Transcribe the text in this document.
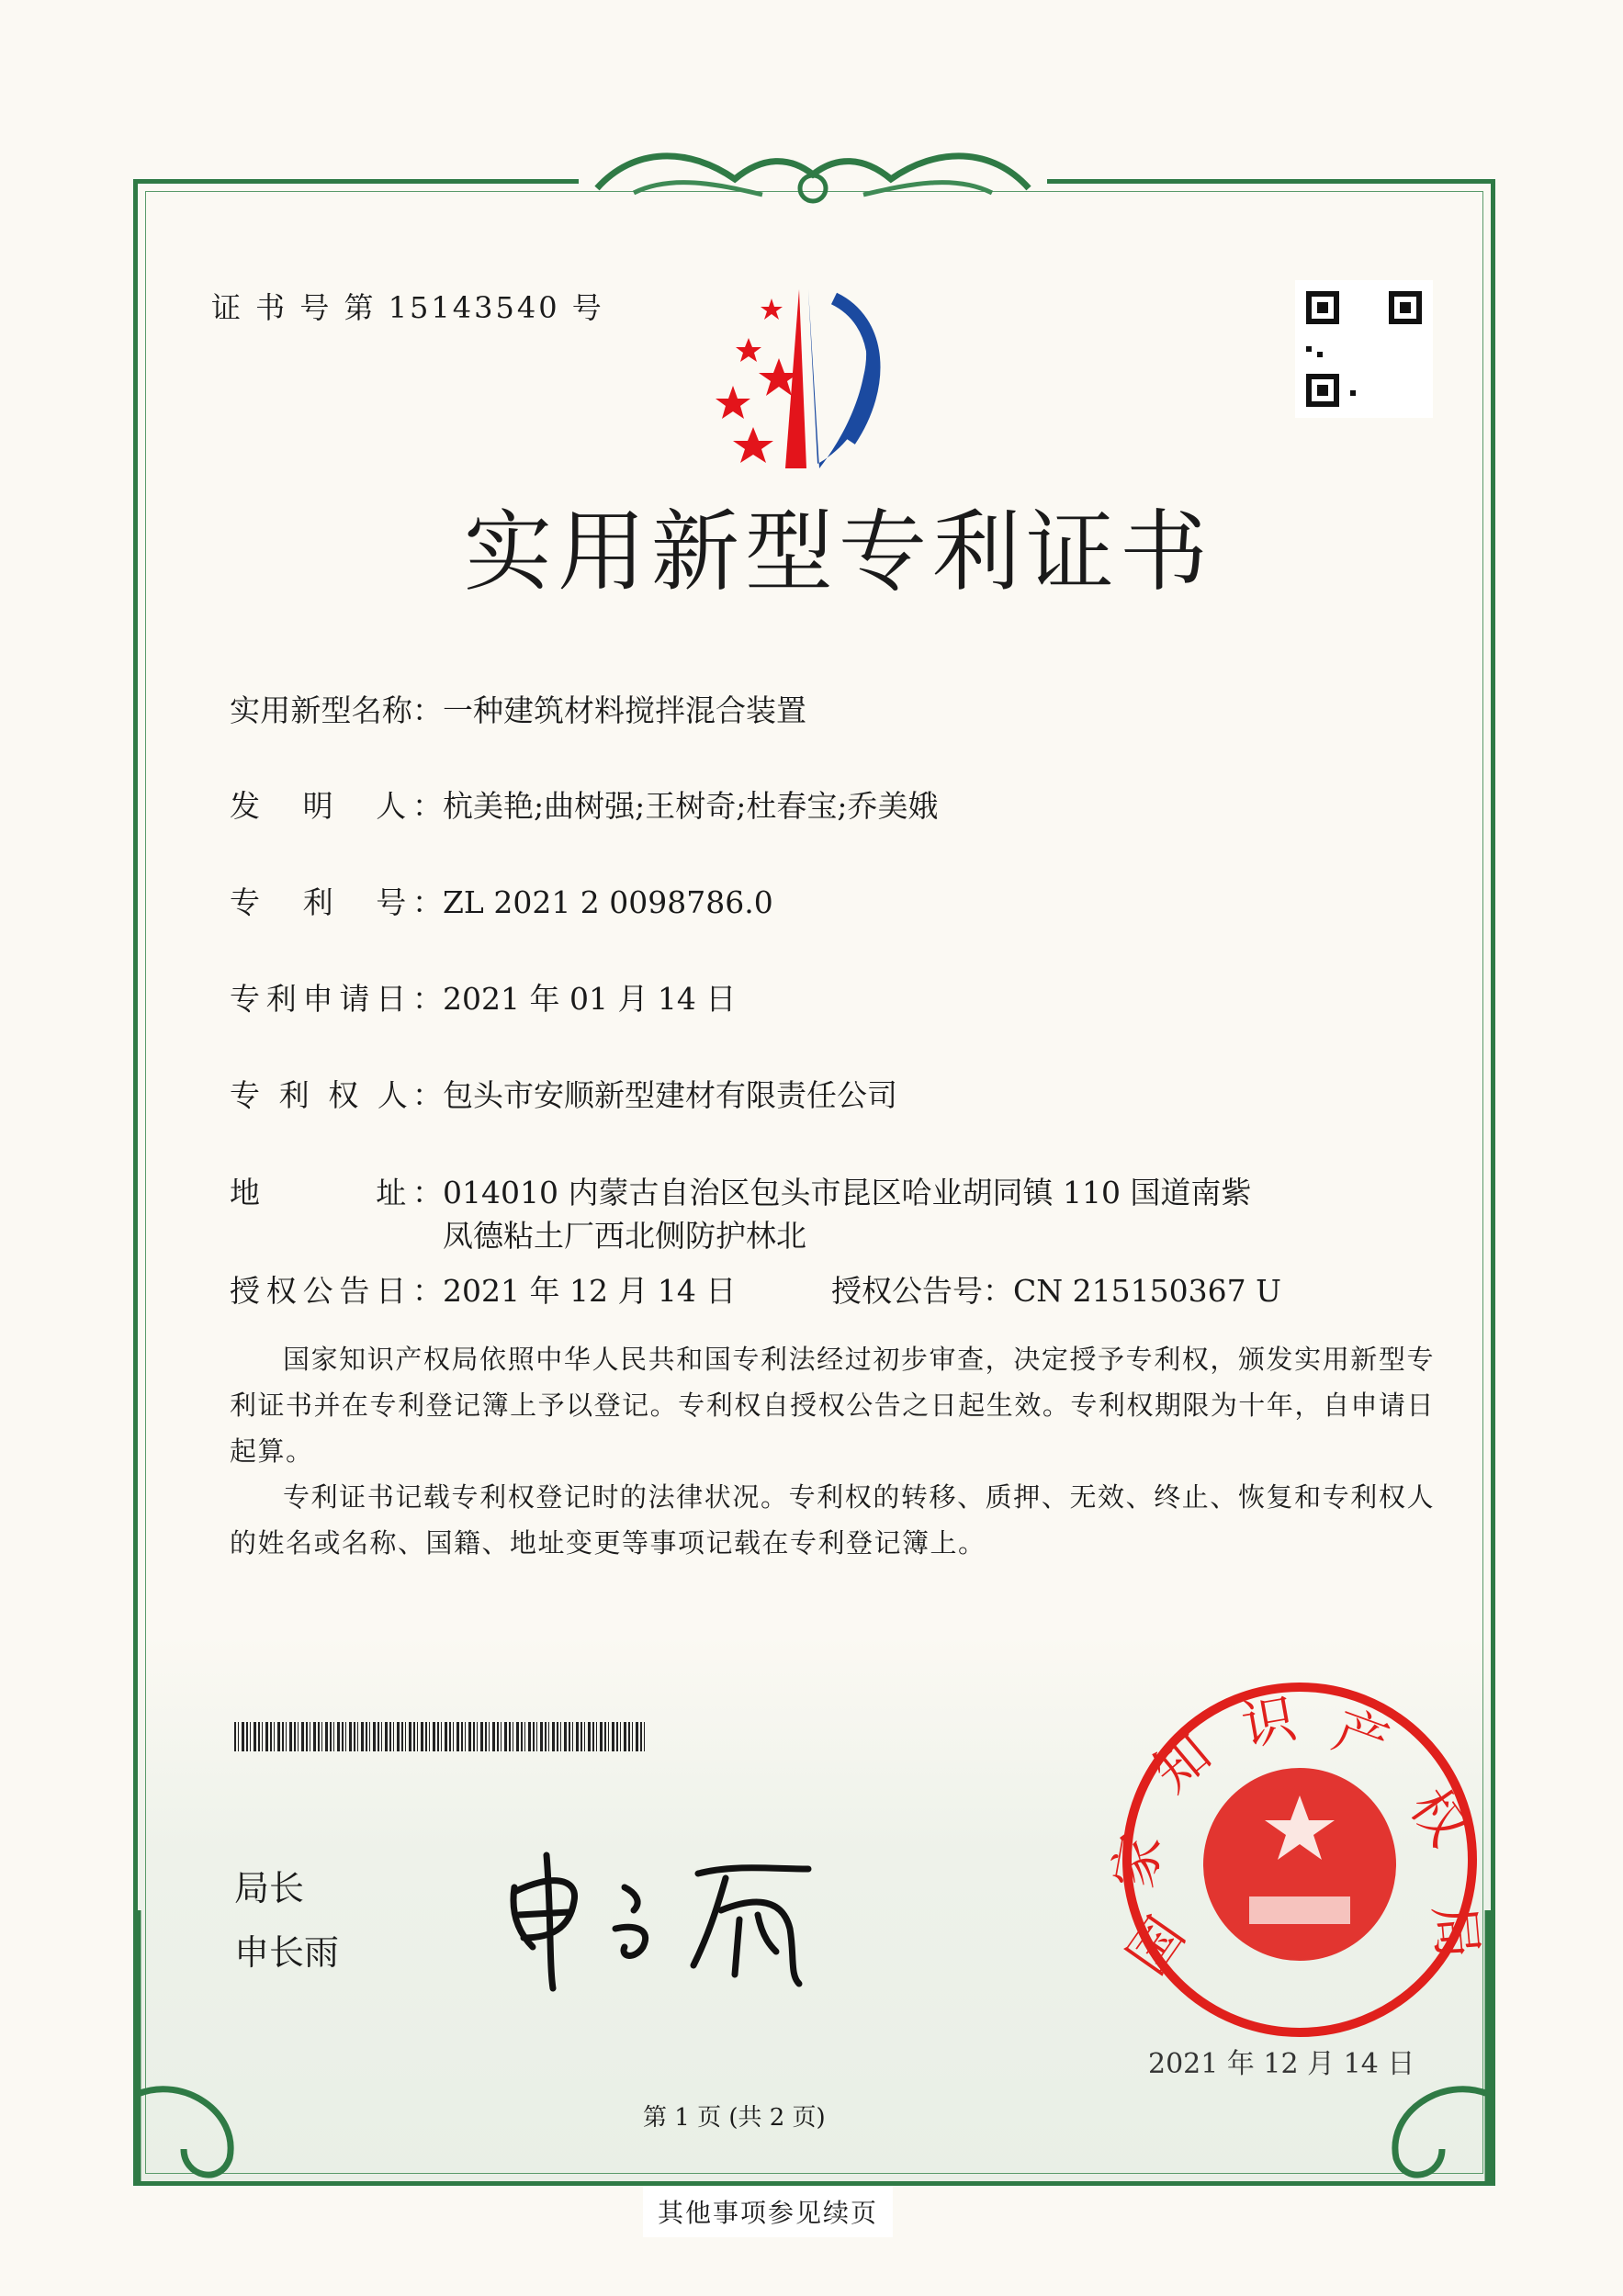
证 书 号 第 15143540 号
实用新型专利证书
实用新型名称：一种建筑材料搅拌混合装置
发　明　人：杭美艳;曲树强;王树奇;杜春宝;乔美娥
专　利　号：ZL 2021 2 0098786.0
专利申请日：2021 年 01 月 14 日
专 利 权 人：包头市安顺新型建材有限责任公司
地　　　址：014010 内蒙古自治区包头市昆区哈业胡同镇 110 国道南紫
凤德粘土厂西北侧防护林北
授权公告日：2021 年 12 月 14 日	授权公告号：CN 215150367 U

国家知识产权局依照中华人民共和国专利法经过初步审查，决定授予专利权，颁发实用新型专利证书并在专利登记簿上予以登记。专利权自授权公告之日起生效。专利权期限为十年，自申请日起算。

专利证书记载专利权登记时的法律状况。专利权的转移、质押、无效、终止、恢复和专利权人的姓名或名称、国籍、地址变更等事项记载在专利登记簿上。

局长
申长雨	国
家
知 识 产
权
局
2021 年 12 月 14 日
第 1 页 (共 2 页)
其他事项参见续页
